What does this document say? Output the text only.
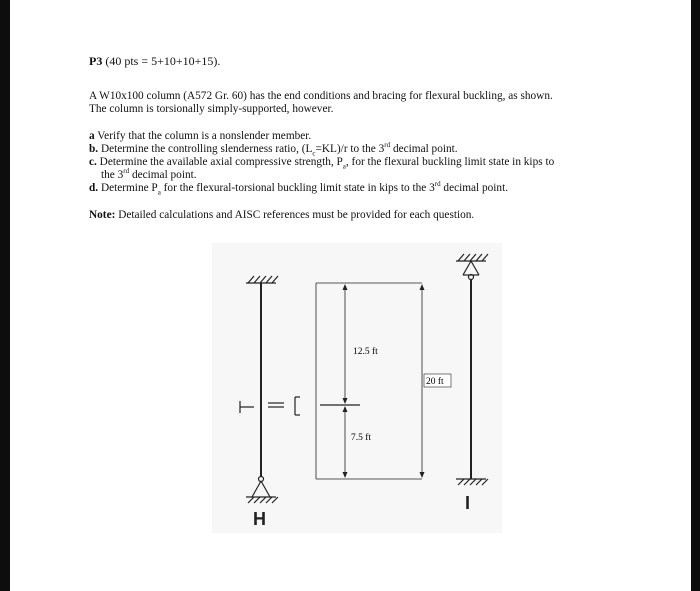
P3 (40 pts = 5+10+10+15).

A W10x100 column (A572 Gr. 60) has the end conditions and bracing for flexural buckling, as shown.
The column is torsionally simply-supported, however.

a Verify that the column is a nonslender member.

b. Determine the controlling slenderness ratio, $(L_c=KL)/r$ to the 3rd decimal point.

c. Determine the available axial compressive strength, $P_a$, for the flexural buckling limit state in kips to

the 3rd decimal point.

d. Determine $P_a$ for the flexural-torsional buckling limit state in kips to the 3rd decimal point.

Note: Detailed calculations and AISC references must be provided for each question.

12.5 ft
7.5 ft
20 ft
H
I
